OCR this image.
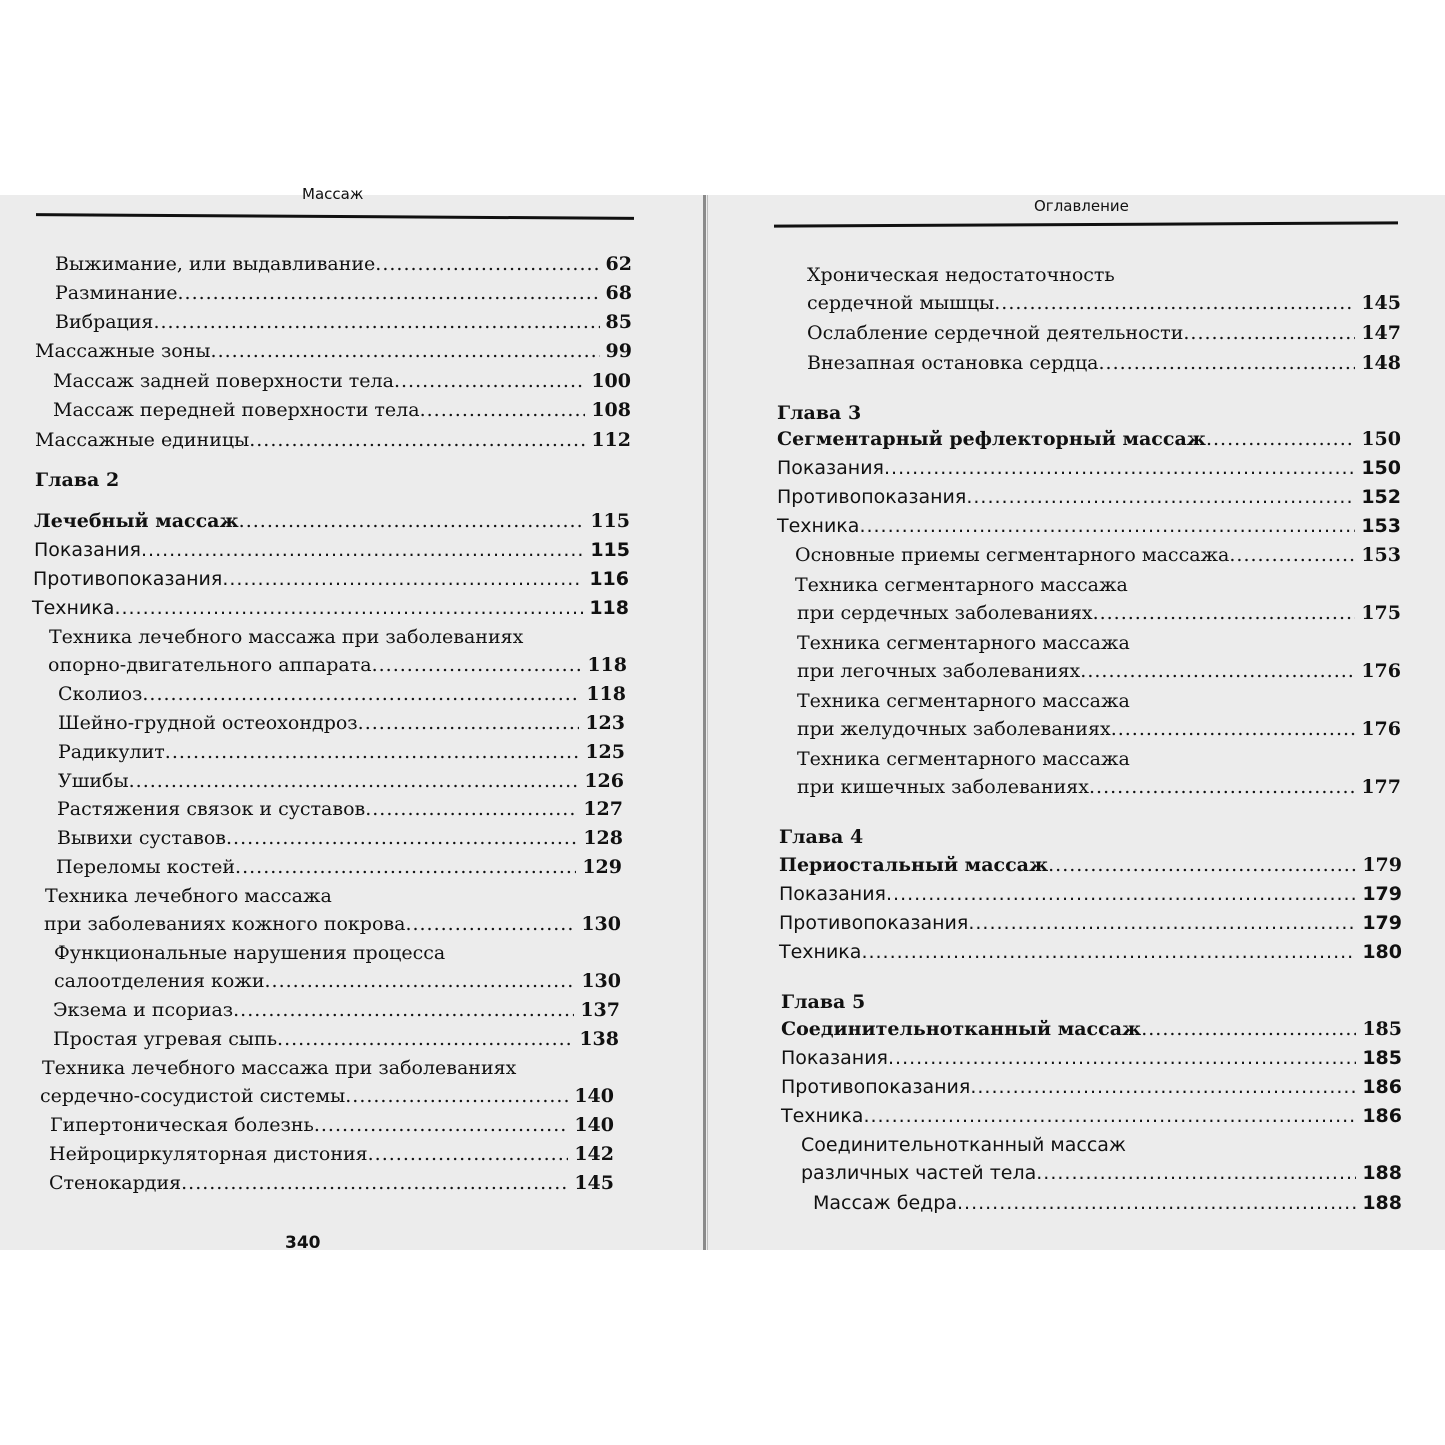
Массаж
Выжимание, или выдавливание .....	62
Разминание .....	68
Вибрация .....	85
Массажные зоны .....	99
Массаж задней поверхности тела .....	100
Массаж передней поверхности тела .....	108
Массажные единицы .....	112
Глава 2
Лечебный массаж .....	115
Показания .....	115
Противопоказания .....	116
Техника .....	118
Техника лечебного массажа при заболеваниях
опорно-двигательного аппарата .....	118
Сколиоз .....	118
Шейно-грудной остеохондроз .....	123
Радикулит .....	125
Ушибы .....	126
Растяжения связок и суставов .....	127
Вывихи суставов .....	128
Переломы костей .....	129
Техника лечебного массажа
при заболеваниях кожного покрова .....	130
Функциональные нарушения процесса
салоотделения кожи .....	130
Экзема и псориаз .....	137
Простая угревая сыпь .....	138
Техника лечебного массажа при заболеваниях
сердечно-сосудистой системы .....	140
Гипертоническая болезнь .....	140
Нейроциркуляторная дистония .....	142
Стенокардия .....	145
340
Оглавление
Хроническая недостаточность
сердечной мышцы .....	145
Ослабление сердечной деятельности .....	147
Внезапная остановка сердца .....	148
Глава 3
Сегментарный рефлекторный массаж .....	150
Показания .....	150
Противопоказания .....	152
Техника .....	153
Основные приемы сегментарного массажа .....	153
Техника сегментарного массажа
при сердечных заболеваниях .....	175
Техника сегментарного массажа
при легочных заболеваниях .....	176
Техника сегментарного массажа
при желудочных заболеваниях .....	176
Техника сегментарного массажа
при кишечных заболеваниях .....	177
Глава 4
Периостальный массаж .....	179
Показания .....	179
Противопоказания .....	179
Техника .....	180
Глава 5
Соединительнотканный массаж .....	185
Показания .....	185
Противопоказания .....	186
Техника .....	186
Соединительнотканный массаж
различных частей тела .....	188
Массаж бедра .....	188
